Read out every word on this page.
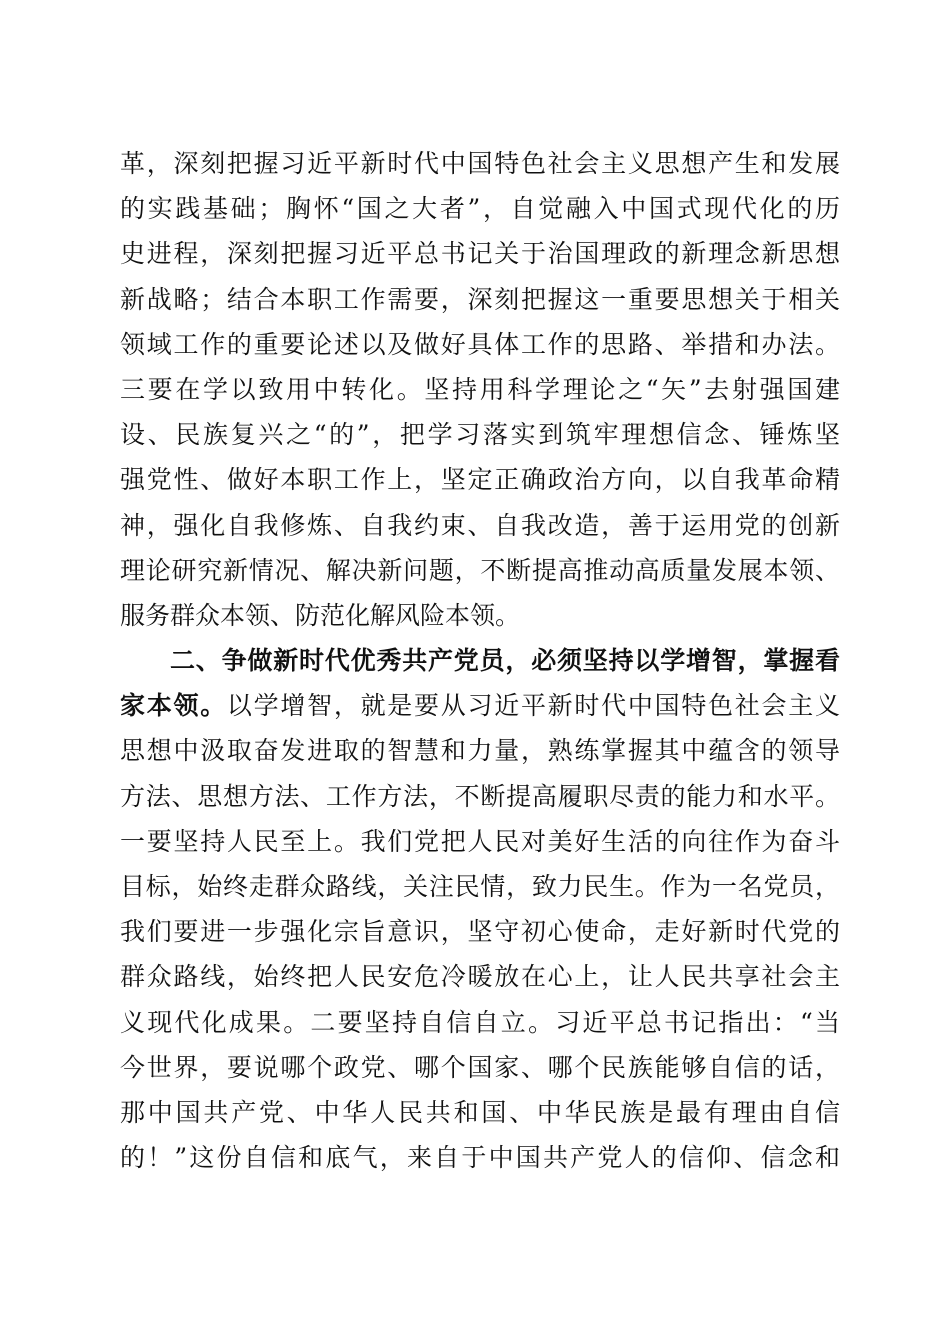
革，深刻把握习近平新时代中国特色社会主义思想产生和发展
的实践基础；胸怀“国之大者”，自觉融入中国式现代化的历
史进程，深刻把握习近平总书记关于治国理政的新理念新思想
新战略；结合本职工作需要，深刻把握这一重要思想关于相关
领域工作的重要论述以及做好具体工作的思路、举措和办法。
三要在学以致用中转化。坚持用科学理论之“矢”去射强国建
设、民族复兴之“的”，把学习落实到筑牢理想信念、锤炼坚
强党性、做好本职工作上，坚定正确政治方向，以自我革命精
神，强化自我修炼、自我约束、自我改造，善于运用党的创新
理论研究新情况、解决新问题，不断提高推动高质量发展本领、
服务群众本领、防范化解风险本领。
二、争做新时代优秀共产党员，必须坚持以学增智，掌握看
家本领。以学增智，就是要从习近平新时代中国特色社会主义
思想中汲取奋发进取的智慧和力量，熟练掌握其中蕴含的领导
方法、思想方法、工作方法，不断提高履职尽责的能力和水平。
一要坚持人民至上。我们党把人民对美好生活的向往作为奋斗
目标，始终走群众路线，关注民情，致力民生。作为一名党员，
我们要进一步强化宗旨意识，坚守初心使命，走好新时代党的
群众路线，始终把人民安危冷暖放在心上，让人民共享社会主
义现代化成果。二要坚持自信自立。习近平总书记指出：“当
今世界，要说哪个政党、哪个国家、哪个民族能够自信的话，
那中国共产党、中华人民共和国、中华民族是最有理由自信
的！”这份自信和底气，来自于中国共产党人的信仰、信念和
